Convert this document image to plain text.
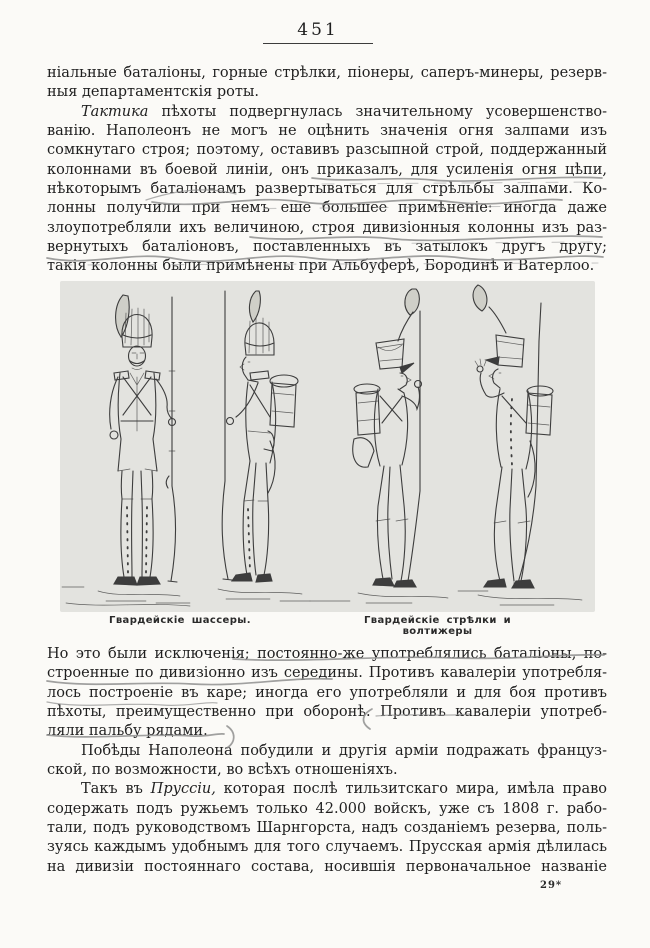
451
ніальные баталіоны, горные стрѣлки, піонеры, саперъ-минеры, резерв-
ныя департаментскія роты.
Тактика пѣхоты подвергнулась значительному усовершенство-
ванію. Наполеонъ не могъ не оцѣнить значенія огня залпами изъ
сомкнутаго строя; поэтому, оставивъ разсыпной строй, поддержанный
колоннами въ боевой линіи, онъ приказалъ, для усиленія огня цѣпи,
нѣкоторымъ баталіонамъ развертываться для стрѣльбы залпами. Ко-
лонны получили при немъ еше большее примѣненіе: иногда даже
злоупотребляли ихъ величиною, строя дивизіонныя колонны изъ раз-
вернутыхъ баталіоновъ, поставленныхъ въ затылокъ другъ другу;
такія колонны были примѣнены при Альбуферѣ, Бородинѣ и Ватерлоо.
Гвардейскіе шассеры.	Гвардейскіе стрѣлки и волтижеры
Но это были исключенія; постоянно-же употреблялись баталіоны, по-
строенные по дивизіонно изъ середины. Противъ кавалеріи употребля-
лось построеніе въ каре; иногда его употребляли и для боя противъ
пѣхоты, преимущественно при оборонѣ. Противъ кавалеріи употреб-
ляли пальбу рядами.
Побѣды Наполеона побудили и другія арміи подражать француз-
ской, по возможности, во всѣхъ отношеніяхъ.
Такъ въ Пруссіи, которая послѣ тильзитскаго мира, имѣла право
содержать подъ ружьемъ только 42.000 войскъ, уже съ 1808 г. рабо-
тали, подъ руководствомъ Шарнгорста, надъ созданіемъ резерва, поль-
зуясь каждымъ удобнымъ для того случаемъ. Прусская армія дѣлилась
на дивизіи постояннаго состава, носившія первоначальное названіе
29*
